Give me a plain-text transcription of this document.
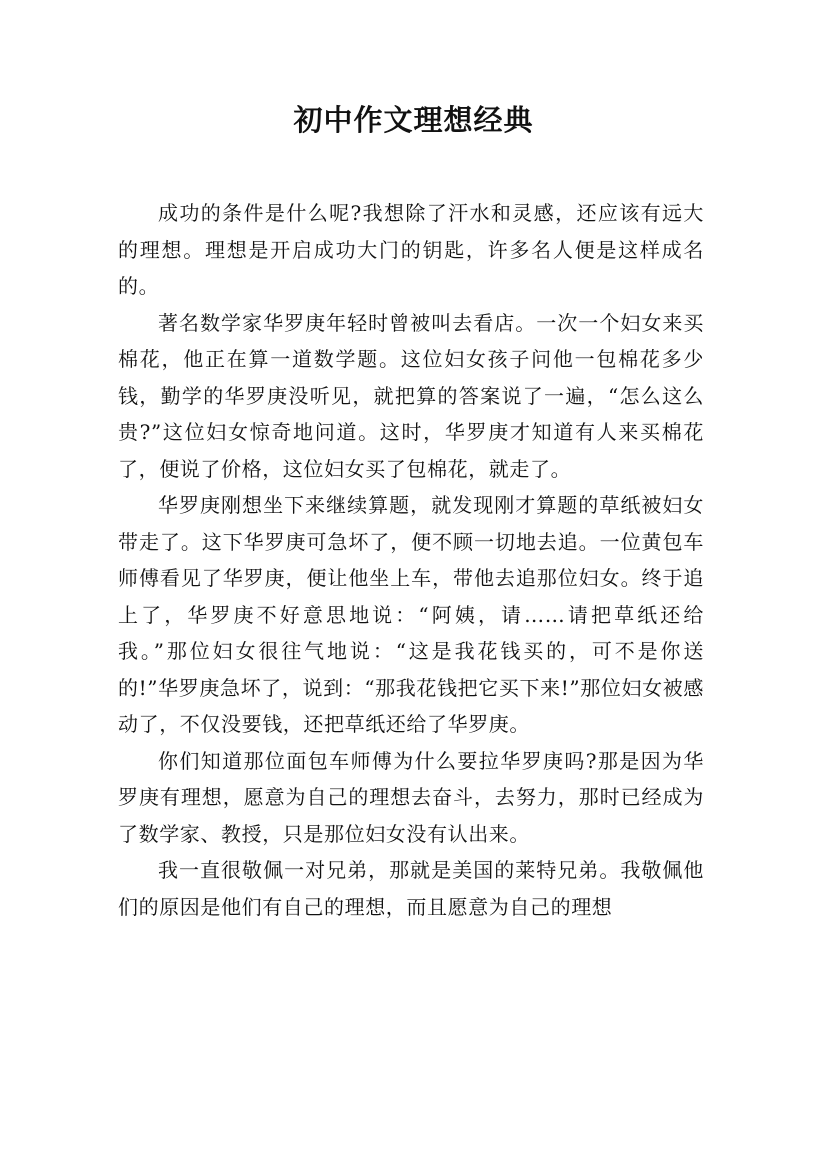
初中作文理想经典

成功的条件是什么呢?我想除了汗水和灵感，还应该有远大的理想。理想是开启成功大门的钥匙，许多名人便是这样成名的。

著名数学家华罗庚年轻时曾被叫去看店。一次一个妇女来买棉花，他正在算一道数学题。这位妇女孩子问他一包棉花多少钱，勤学的华罗庚没听见，就把算的答案说了一遍，“怎么这么贵?”这位妇女惊奇地问道。这时，华罗庚才知道有人来买棉花了，便说了价格，这位妇女买了包棉花，就走了。

华罗庚刚想坐下来继续算题，就发现刚才算题的草纸被妇女带走了。这下华罗庚可急坏了，便不顾一切地去追。一位黄包车师傅看见了华罗庚，便让他坐上车，带他去追那位妇女。终于追上了，华罗庚不好意思地说：“阿姨，请……请把草纸还给我。”那位妇女很往气地说：“这是我花钱买的，可不是你送的!”华罗庚急坏了，说到：“那我花钱把它买下来!”那位妇女被感动了，不仅没要钱，还把草纸还给了华罗庚。

你们知道那位面包车师傅为什么要拉华罗庚吗?那是因为华罗庚有理想，愿意为自己的理想去奋斗，去努力，那时已经成为了数学家、教授，只是那位妇女没有认出来。

我一直很敬佩一对兄弟，那就是美国的莱特兄弟。我敬佩他们的原因是他们有自己的理想，而且愿意为自己的理想
